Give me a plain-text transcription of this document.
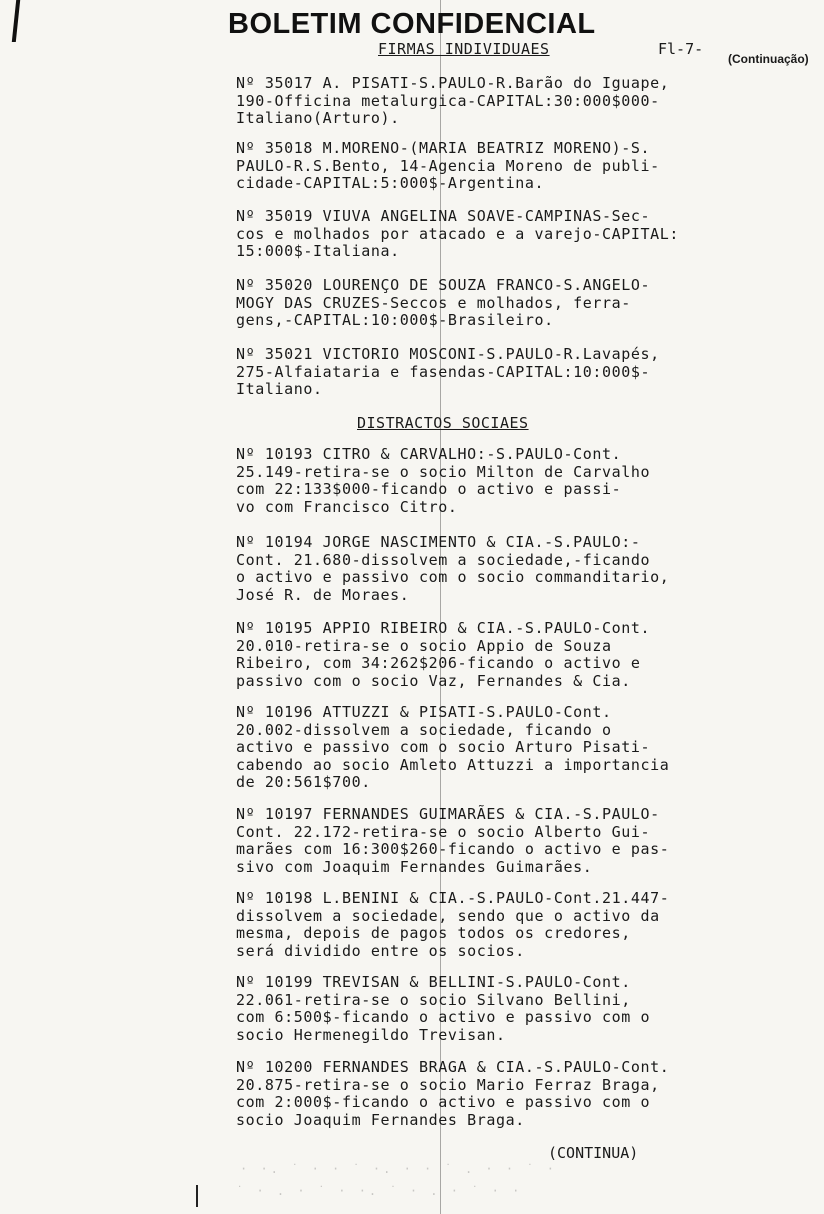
BOLETIM CONFIDENCIAL
FIRMAS INDIVIDUAES	Fl-7-
(Continuação)

Nº 35017 A. PISATI-S.PAULO-R.Barão do Iguape,
190-Officina metalurgica-CAPITAL:30:000$000-
Italiano(Arturo).

Nº 35018 M.MORENO-(MARIA BEATRIZ MORENO)-S.
PAULO-R.S.Bento, 14-Agencia Moreno de publi-
cidade-CAPITAL:5:000$-Argentina.

Nº 35019 VIUVA ANGELINA SOAVE-CAMPINAS-Sec-
cos e molhados por atacado e a varejo-CAPITAL:
15:000$-Italiana.

Nº 35020 LOURENÇO DE SOUZA FRANCO-S.ANGELO-
MOGY DAS CRUZES-Seccos e molhados, ferra-
gens,-CAPITAL:10:000$-Brasileiro.

Nº 35021 VICTORIO MOSCONI-S.PAULO-R.Lavapés,
275-Alfaiataria e fasendas-CAPITAL:10:000$-
Italiano.

DISTRACTOS SOCIAES

Nº 10193 CITRO & CARVALHO:-S.PAULO-Cont.
25.149-retira-se o socio Milton de Carvalho
com 22:133$000-ficando o activo e passi-
vo com Francisco Citro.

Nº 10194 JORGE NASCIMENTO & CIA.-S.PAULO:-
Cont. 21.680-dissolvem a sociedade,-ficando
o activo e passivo com o socio commanditario,
José R. de Moraes.

Nº 10195 APPIO RIBEIRO & CIA.-S.PAULO-Cont.
20.010-retira-se o socio Appio de Souza
Ribeiro, com 34:262$206-ficando o activo e
passivo com o socio Vaz, Fernandes & Cia.

Nº 10196 ATTUZZI & PISATI-S.PAULO-Cont.
20.002-dissolvem a sociedade, ficando o
activo e passivo com o socio Arturo Pisati-
cabendo ao socio Amleto Attuzzi a importancia
de 20:561$700.

Nº 10197 FERNANDES GUIMARÃES & CIA.-S.PAULO-
Cont. 22.172-retira-se o socio Alberto Gui-
marães com 16:300$260-ficando o activo e pas-
sivo com Joaquim Fernandes Guimarães.

Nº 10198 L.BENINI & CIA.-S.PAULO-Cont.21.447-
dissolvem a sociedade, sendo que o activo da
mesma, depois de pagos todos os credores,
será dividido entre os socios.

Nº 10199 TREVISAN & BELLINI-S.PAULO-Cont.
22.061-retira-se o socio Silvano Bellini,
com 6:500$-ficando o activo e passivo com o
socio Hermenegildo Trevisan.

Nº 10200 FERNANDES BRAGA & CIA.-S.PAULO-Cont.
20.875-retira-se o socio Mario Ferraz Braga,
com 2:000$-ficando o activo e passivo com o
socio Joaquim Fernandes Braga.

(CONTINUA)
· ·. ˙ · · ˙ ·. · · ˙ . · · ˙ ·
˙ · . · ˙ · ·. ˙ · . · ˙ · ·
